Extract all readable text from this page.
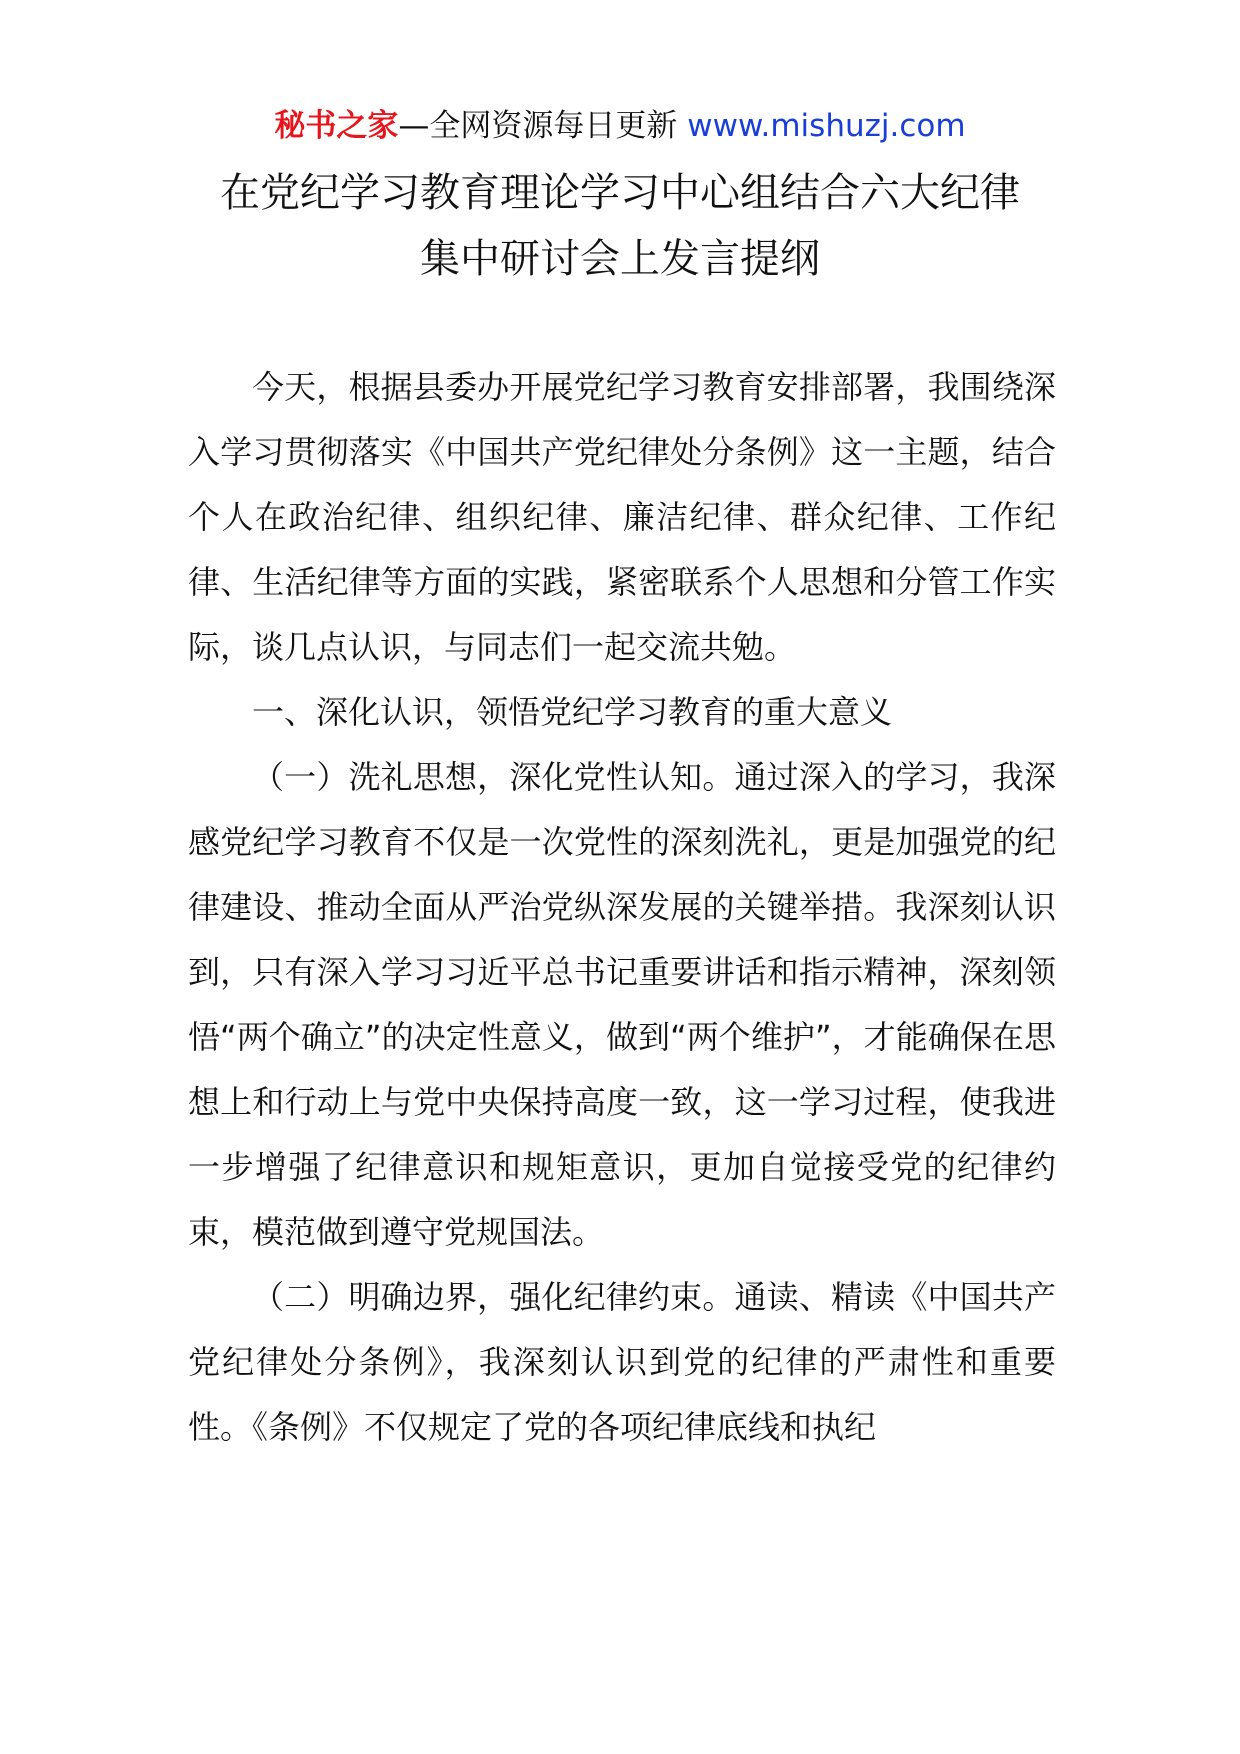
秘书之家—全网资源每日更新 www.mishuzj.com
在党纪学习教育理论学习中心组结合六大纪律
集中研讨会上发言提纲

今天，根据县委办开展党纪学习教育安排部署，我围绕深入学习贯彻落实《中国共产党纪律处分条例》这一主题，结合个人在政治纪律、组织纪律、廉洁纪律、群众纪律、工作纪律、生活纪律等方面的实践，紧密联系个人思想和分管工作实际，谈几点认识，与同志们一起交流共勉。

一、深化认识，领悟党纪学习教育的重大意义

（一）洗礼思想，深化党性认知。通过深入的学习，我深感党纪学习教育不仅是一次党性的深刻洗礼，更是加强党的纪律建设、推动全面从严治党纵深发展的关键举措。我深刻认识到，只有深入学习习近平总书记重要讲话和指示精神，深刻领悟“两个确立”的决定性意义，做到“两个维护”，才能确保在思想上和行动上与党中央保持高度一致，这一学习过程，使我进一步增强了纪律意识和规矩意识，更加自觉接受党的纪律约束，模范做到遵守党规国法。

（二）明确边界，强化纪律约束。通读、精读《中国共产党纪律处分条例》，我深刻认识到党的纪律的严肃性和重要性。《条例》不仅规定了党的各项纪律底线和执纪
